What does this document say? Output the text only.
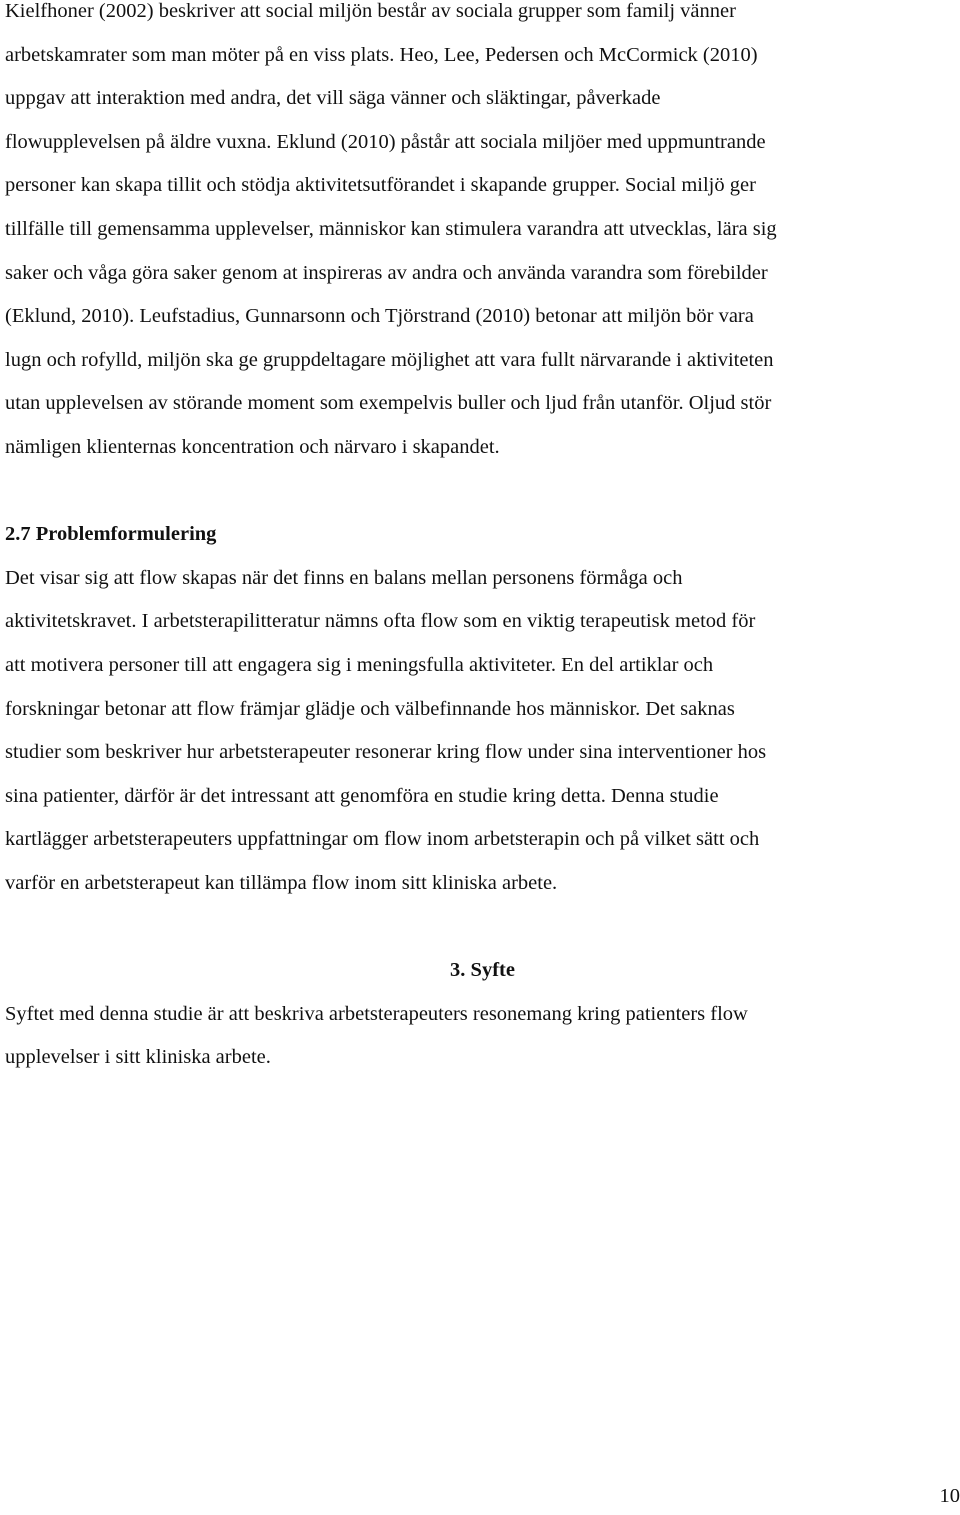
Kielfhoner (2002) beskriver att social miljön består av sociala grupper som familj vänner
arbetskamrater som man möter på en viss plats. Heo, Lee, Pedersen och McCormick (2010)
uppgav att interaktion med andra, det vill säga vänner och släktingar, påverkade
flowupplevelsen på äldre vuxna. Eklund (2010) påstår att sociala miljöer med uppmuntrande
personer kan skapa tillit och stödja aktivitetsutförandet i skapande grupper. Social miljö ger
tillfälle till gemensamma upplevelser, människor kan stimulera varandra att utvecklas, lära sig
saker och våga göra saker genom at inspireras av andra och använda varandra som förebilder
(Eklund, 2010). Leufstadius, Gunnarsonn och Tjörstrand (2010) betonar att miljön bör vara
lugn och rofylld, miljön ska ge gruppdeltagare möjlighet att vara fullt närvarande i aktiviteten
utan upplevelsen av störande moment som exempelvis buller och ljud från utanför. Oljud stör
nämligen klienternas koncentration och närvaro i skapandet.

2.7 Problemformulering

Det visar sig att flow skapas när det finns en balans mellan personens förmåga och
aktivitetskravet. I arbetsterapilitteratur nämns ofta flow som en viktig terapeutisk metod för
att motivera personer till att engagera sig i meningsfulla aktiviteter. En del artiklar och
forskningar betonar att flow främjar glädje och välbefinnande hos människor. Det saknas
studier som beskriver hur arbetsterapeuter resonerar kring flow under sina interventioner hos
sina patienter, därför är det intressant att genomföra en studie kring detta. Denna studie
kartlägger arbetsterapeuters uppfattningar om flow inom arbetsterapin och på vilket sätt och
varför en arbetsterapeut kan tillämpa flow inom sitt kliniska arbete.

3. Syfte

Syftet med denna studie är att beskriva arbetsterapeuters resonemang kring patienters flow
upplevelser i sitt kliniska arbete.

10
